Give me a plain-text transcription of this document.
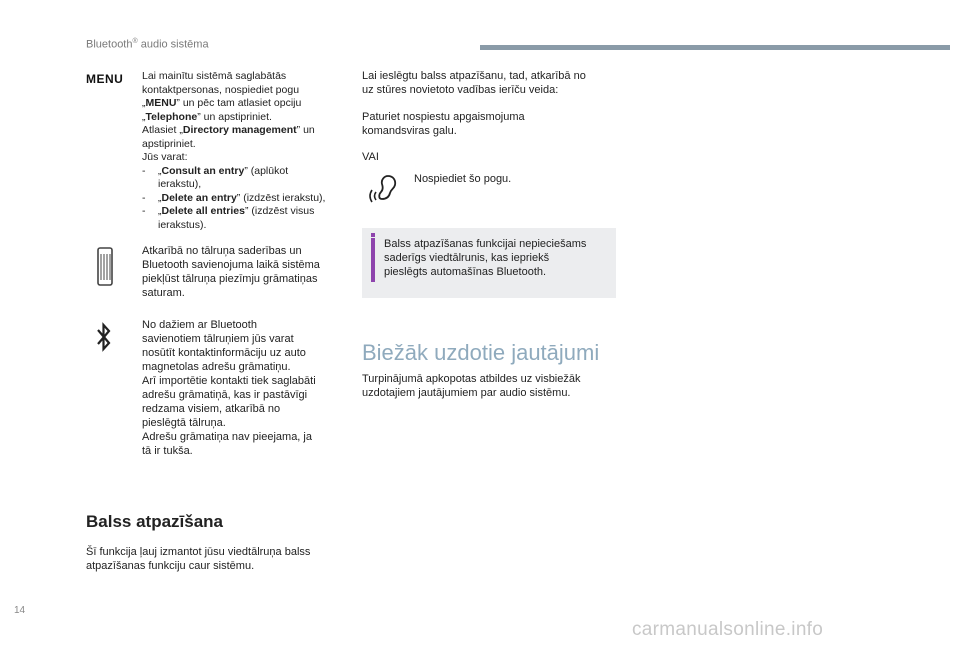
Bluetooth® audio sistēma
MENU Lai mainītu sistēmā saglabātās
kontaktpersonas, nospiediet pogu
„MENU” un pēc tam atlasiet opciju
„Telephone” un apstipriniet.
Atlasiet „Directory management” un
apstipriniet.
Jūs varat:
- „Consult an entry” (aplūkot
ierakstu),
- „Delete an entry” (izdzēst ierakstu),
- „Delete all entries” (izdzēst visus
ierakstus).
Atkarībā no tālruņa saderības un
Bluetooth savienojuma laikā sistēma
piekļūst tālruņa piezīmju grāmatiņas
saturam.
No dažiem ar Bluetooth
savienotiem tālruņiem jūs varat
nosūtīt kontaktinformāciju uz auto
magnetolas adrešu grāmatiņu.
Arī importētie kontakti tiek saglabāti
adrešu grāmatiņā, kas ir pastāvīgi
redzama visiem, atkarībā no
pieslēgtā tālruņa.
Adrešu grāmatiņa nav pieejama, ja
tā ir tukša.
Balss atpazīšana
Šī funkcija ļauj izmantot jūsu viedtālruņa balss
atpazīšanas funkciju caur sistēmu.
Lai ieslēgtu balss atpazīšanu, tad, atkarībā no
uz stūres novietoto vadības ierīču veida:
Paturiet nospiestu apgaismojuma
komandsviras galu.
VAI
Nospiediet šo pogu.
Balss atpazīšanas funkcijai nepieciešams
saderīgs viedtālrunis, kas iepriekš
pieslēgts automašīnas Bluetooth.
Biežāk uzdotie jautājumi
Turpinājumā apkopotas atbildes uz visbiežāk
uzdotajiem jautājumiem par audio sistēmu.
14
carmanualsonline.info
